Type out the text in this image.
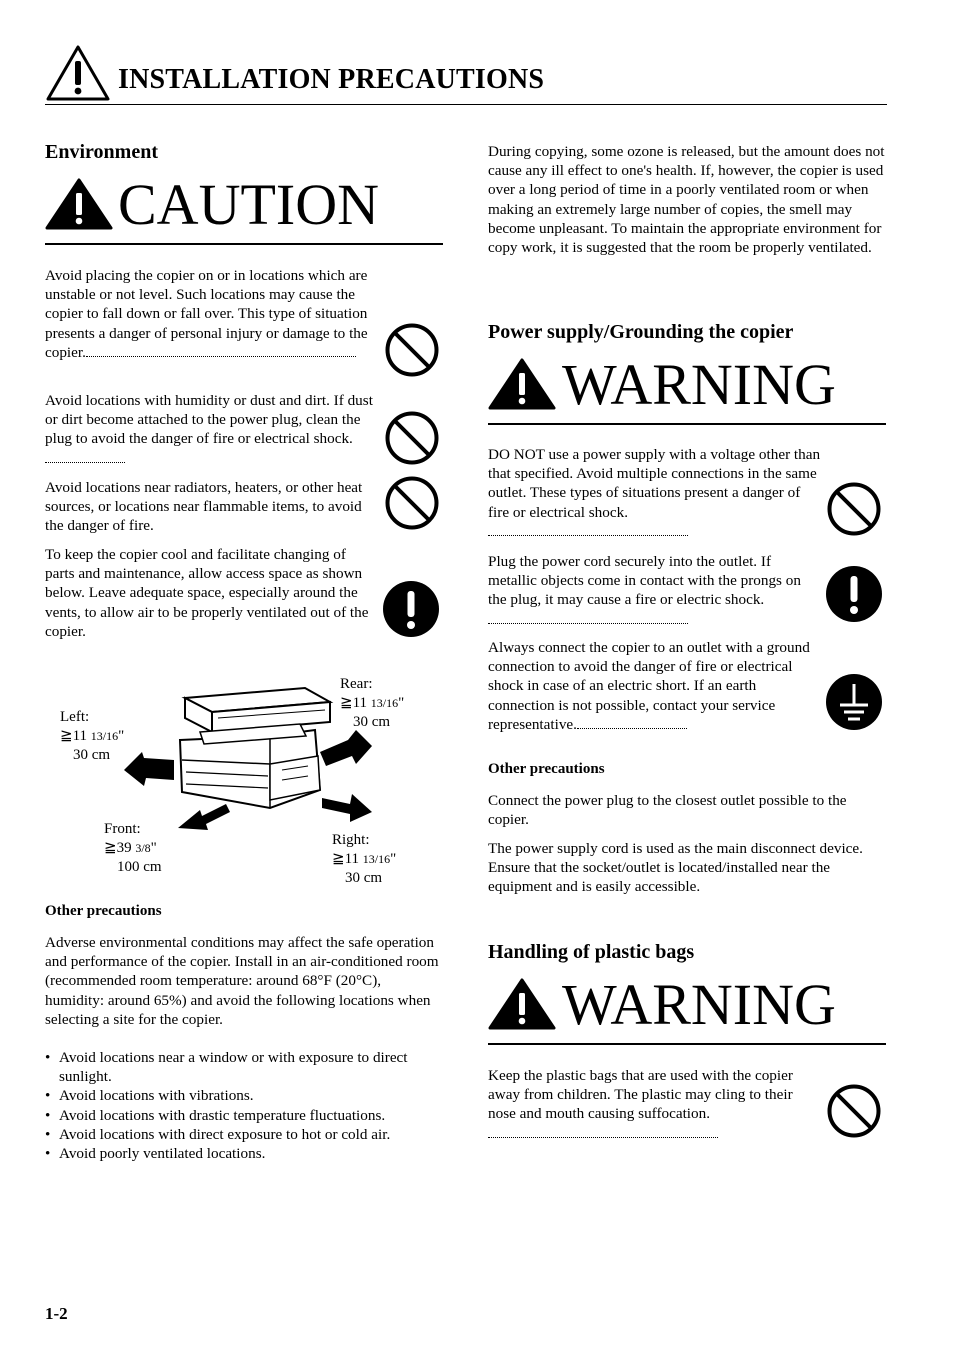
INSTALLATION PRECAUTIONS
Environment
CAUTION
Avoid placing the copier on or in locations which are unstable or not level. Such locations may cause the copier to fall down or fall over. This type of situation presents a danger of personal injury or damage to the copier.
Avoid locations with humidity or dust and dirt. If dust or dirt become attached to the power plug, clean the plug to avoid the danger of fire or electrical shock.
Avoid locations near radiators, heaters, or other heat sources, or locations near flammable items, to avoid the danger of fire.
To keep the copier cool and facilitate changing of parts and maintenance, allow access space as shown below. Leave adequate space, especially around the vents, to allow air to be properly ventilated out of the copier.
Left:
≧11 13/16"
30 cm
Rear:
≧11 13/16"
30 cm
Front:
≧39 3/8"
100 cm
Right:
≧11 13/16"
30 cm
Other precautions
Adverse environmental conditions may affect the safe operation and performance of the copier. Install in an air-conditioned room (recommended room temperature: around 68°F (20°C), humidity: around 65%) and avoid the following locations when selecting a site for the copier.
• Avoid locations near a window or with exposure to direct sunlight.
• Avoid locations with vibrations.
• Avoid locations with drastic temperature fluctuations.
• Avoid locations with direct exposure to hot or cold air.
• Avoid poorly ventilated locations.
During copying, some ozone is released, but the amount does not cause any ill effect to one's health. If, however, the copier is used over a long period of time in a poorly ventilated room or when making an extremely large number of copies, the smell may become unpleasant. To maintain the appropriate environment for copy work, it is suggested that the room be properly ventilated.
Power supply/Grounding the copier
WARNING
DO NOT use a power supply with a voltage other than that specified. Avoid multiple connections in the same outlet. These types of situations present a danger of fire or electrical shock.
Plug the power cord securely into the outlet. If metallic objects come in contact with the prongs on the plug, it may cause a fire or electric shock.
Always connect the copier to an outlet with a ground connection to avoid the danger of fire or electrical shock in case of an electric short. If an earth connection is not possible, contact your service representative.
Other precautions
Connect the power plug to the closest outlet possible to the copier.
The power supply cord is used as the main disconnect device. Ensure that the socket/outlet is located/installed near the equipment and is easily accessible.
Handling of plastic bags
WARNING
Keep the plastic bags that are used with the copier away from children. The plastic may cling to their nose and mouth causing suffocation.
1-2
